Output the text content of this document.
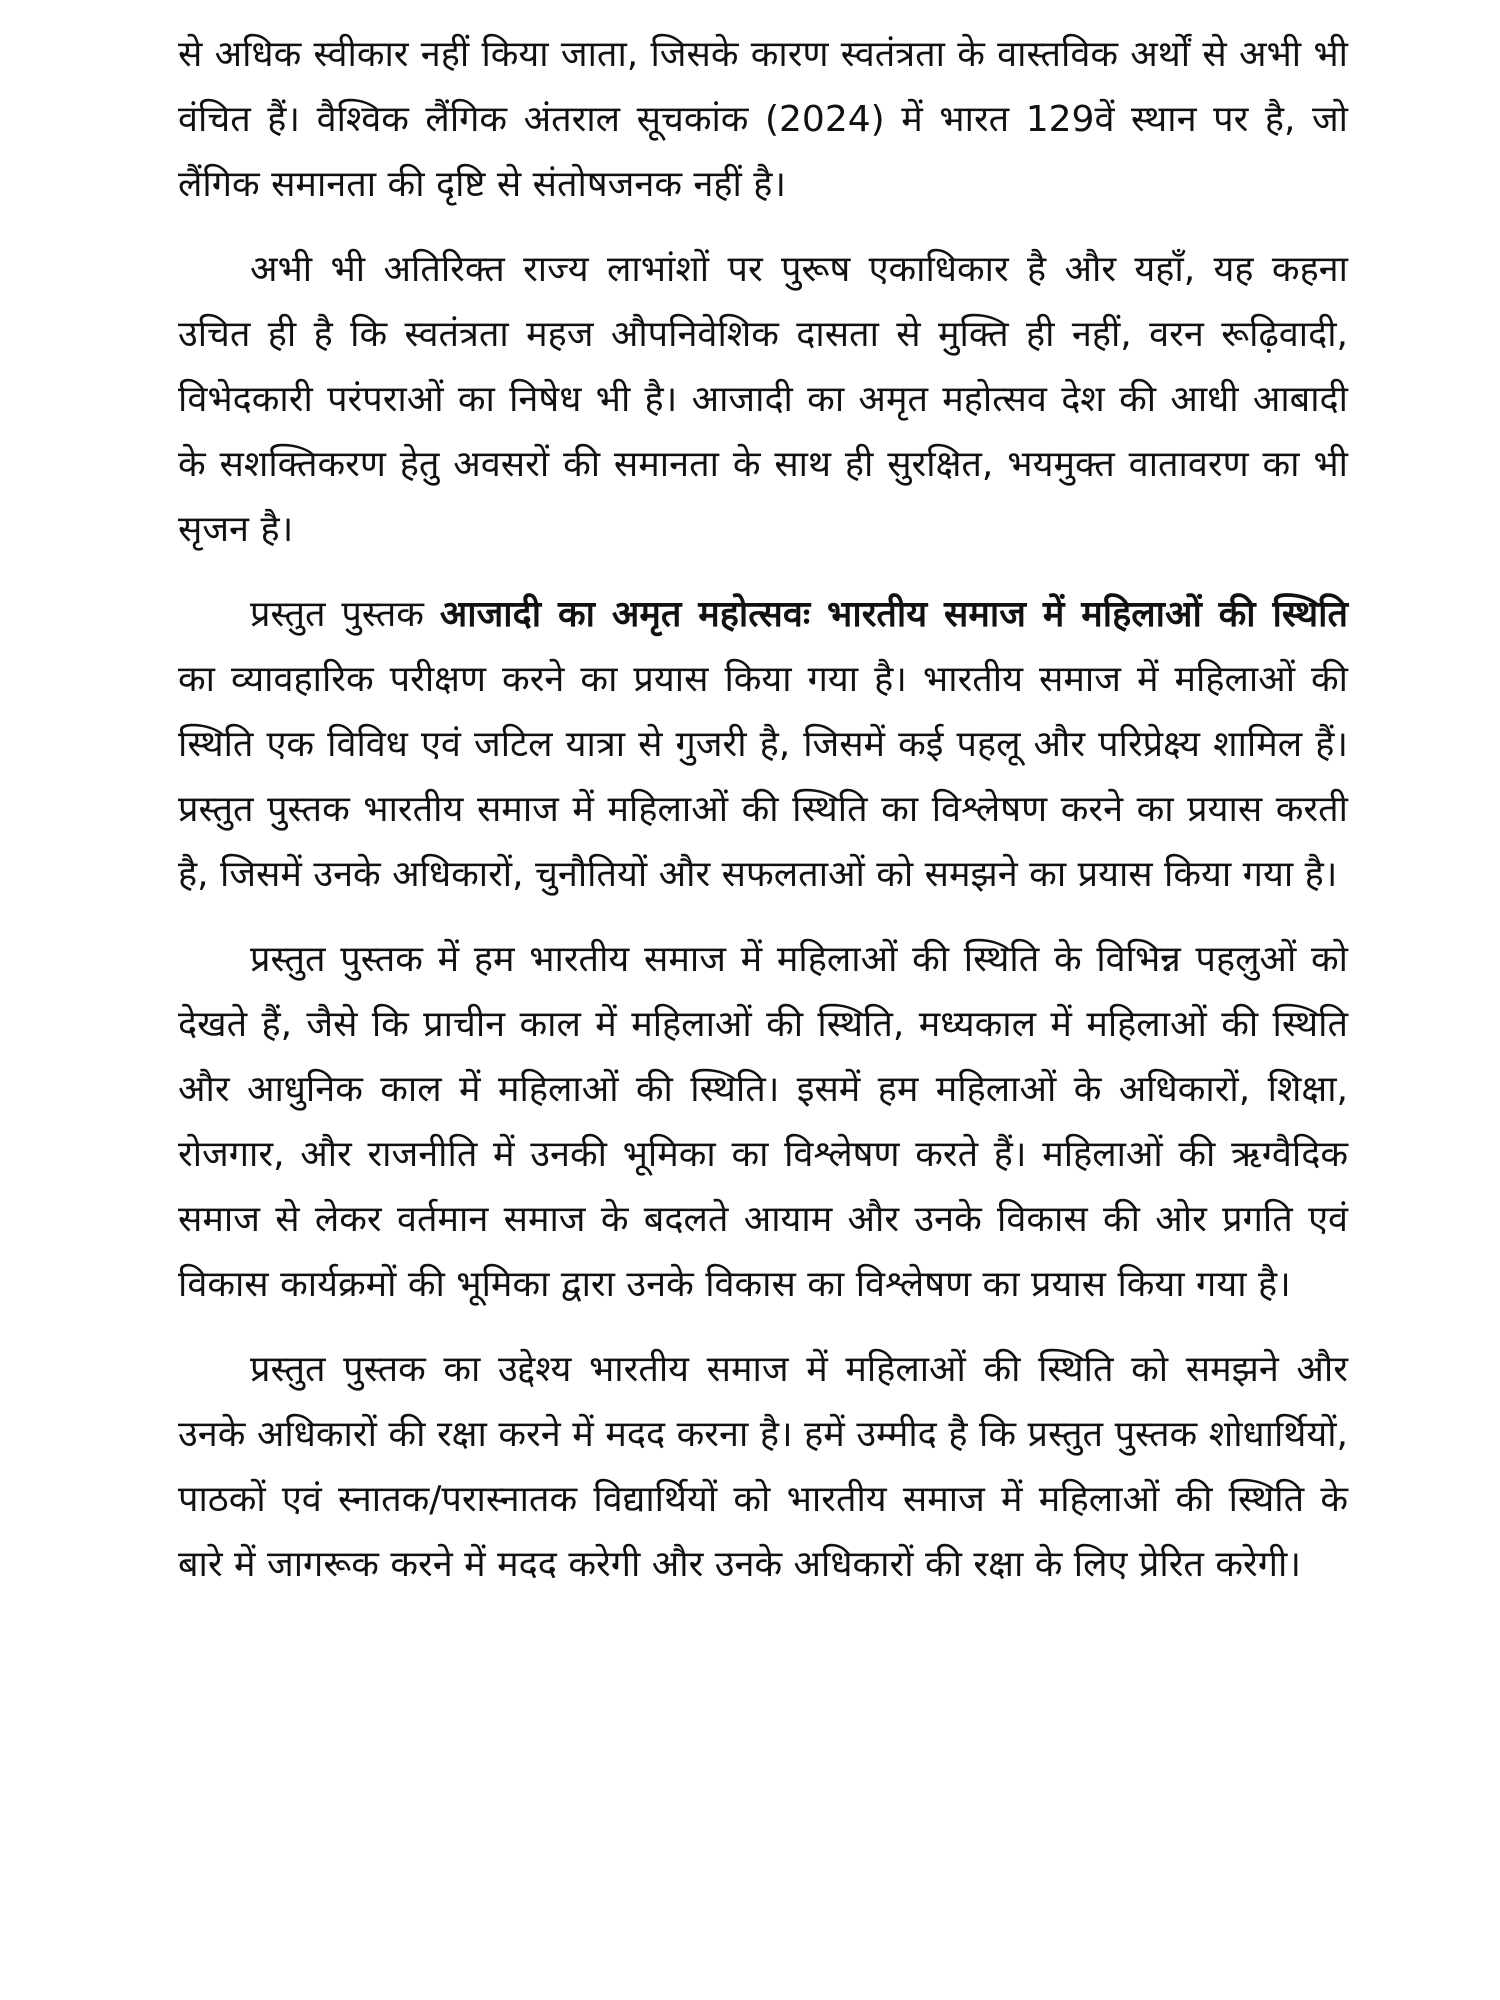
से अधिक स्वीकार नहीं किया जाता, जिसके कारण स्वतंत्रता के वास्तविक अर्थों से अभी भी वंचित हैं। वैश्विक लैंगिक अंतराल सूचकांक (2024) में भारत 129वें स्थान पर है, जो लैंगिक समानता की दृष्टि से संतोषजनक नहीं है।

अभी भी अतिरिक्त राज्य लाभांशों पर पुरूष एकाधिकार है और यहाँ, यह कहना उचित ही है कि स्वतंत्रता महज औपनिवेशिक दासता से मुक्ति ही नहीं, वरन रूढ़िवादी, विभेदकारी परंपराओं का निषेध भी है। आजादी का अमृत महोत्सव देश की आधी आबादी के सशक्तिकरण हेतु अवसरों की समानता के साथ ही सुरक्षित, भयमुक्त वातावरण का भी सृजन है।

प्रस्तुत पुस्तक आजादी का अमृत महोत्सवः भारतीय समाज में महिलाओं की स्थिति का व्यावहारिक परीक्षण करने का प्रयास किया गया है। भारतीय समाज में महिलाओं की स्थिति एक विविध एवं जटिल यात्रा से गुजरी है, जिसमें कई पहलू और परिप्रेक्ष्य शामिल हैं। प्रस्तुत पुस्तक भारतीय समाज में महिलाओं की स्थिति का विश्लेषण करने का प्रयास करती है, जिसमें उनके अधिकारों, चुनौतियों और सफलताओं को समझने का प्रयास किया गया है।

प्रस्तुत पुस्तक में हम भारतीय समाज में महिलाओं की स्थिति के विभिन्न पहलुओं को देखते हैं, जैसे कि प्राचीन काल में महिलाओं की स्थिति, मध्यकाल में महिलाओं की स्थिति और आधुनिक काल में महिलाओं की स्थिति। इसमें हम महिलाओं के अधिकारों, शिक्षा, रोजगार, और राजनीति में उनकी भूमिका का विश्लेषण करते हैं। महिलाओं की ऋग्वैदिक समाज से लेकर वर्तमान समाज के बदलते आयाम और उनके विकास की ओर प्रगति एवं विकास कार्यक्रमों की भूमिका द्वारा उनके विकास का विश्लेषण का प्रयास किया गया है।

प्रस्तुत पुस्तक का उद्देश्य भारतीय समाज में महिलाओं की स्थिति को समझने और उनके अधिकारों की रक्षा करने में मदद करना है। हमें उम्मीद है कि प्रस्तुत पुस्तक शोधार्थियों, पाठकों एवं स्नातक/परास्नातक विद्यार्थियों को भारतीय समाज में महिलाओं की स्थिति के बारे में जागरूक करने में मदद करेगी और उनके अधिकारों की रक्षा के लिए प्रेरित करेगी।
